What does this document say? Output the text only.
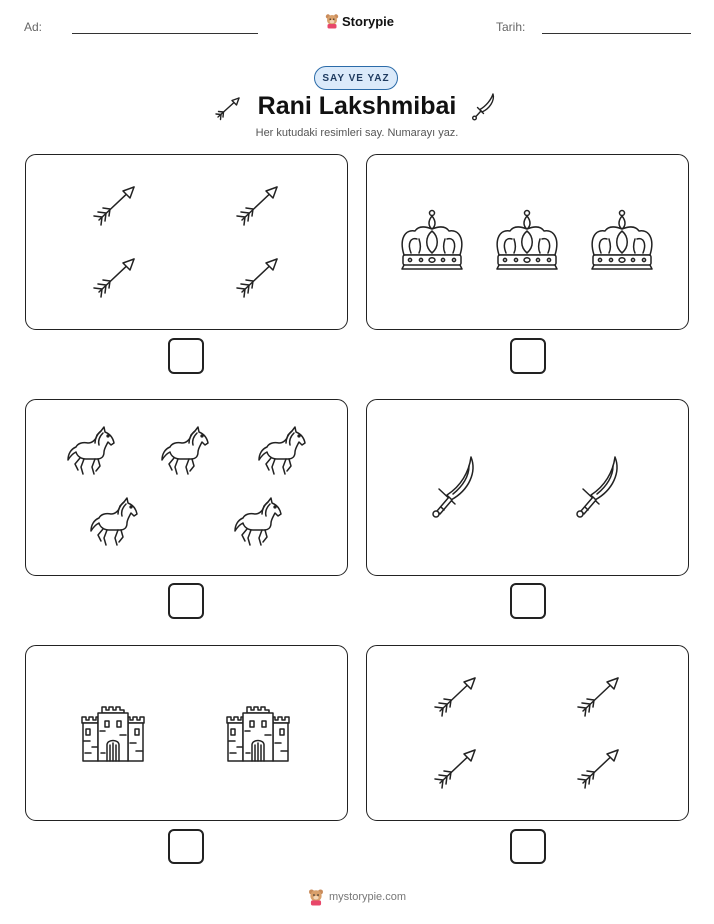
Ad:	Storypie	Tarih:
SAY VE YAZ
Rani Lakshmibai
Her kutudaki resimleri say. Numarayı yaz.
mystorypie.com
